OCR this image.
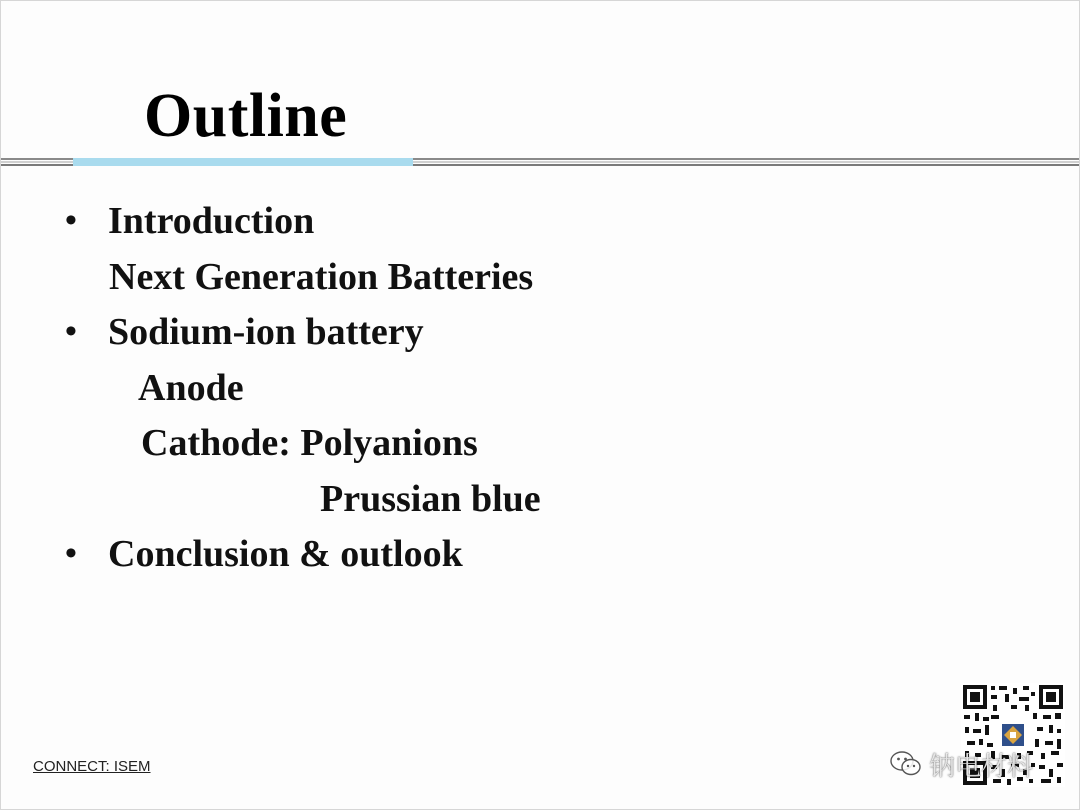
Outline
Introduction
Next Generation Batteries
Sodium-ion battery
Anode
Cathode: Polyanions
Prussian blue
Conclusion & outlook
•
•
•
CONNECT: ISEM	钠电材料
